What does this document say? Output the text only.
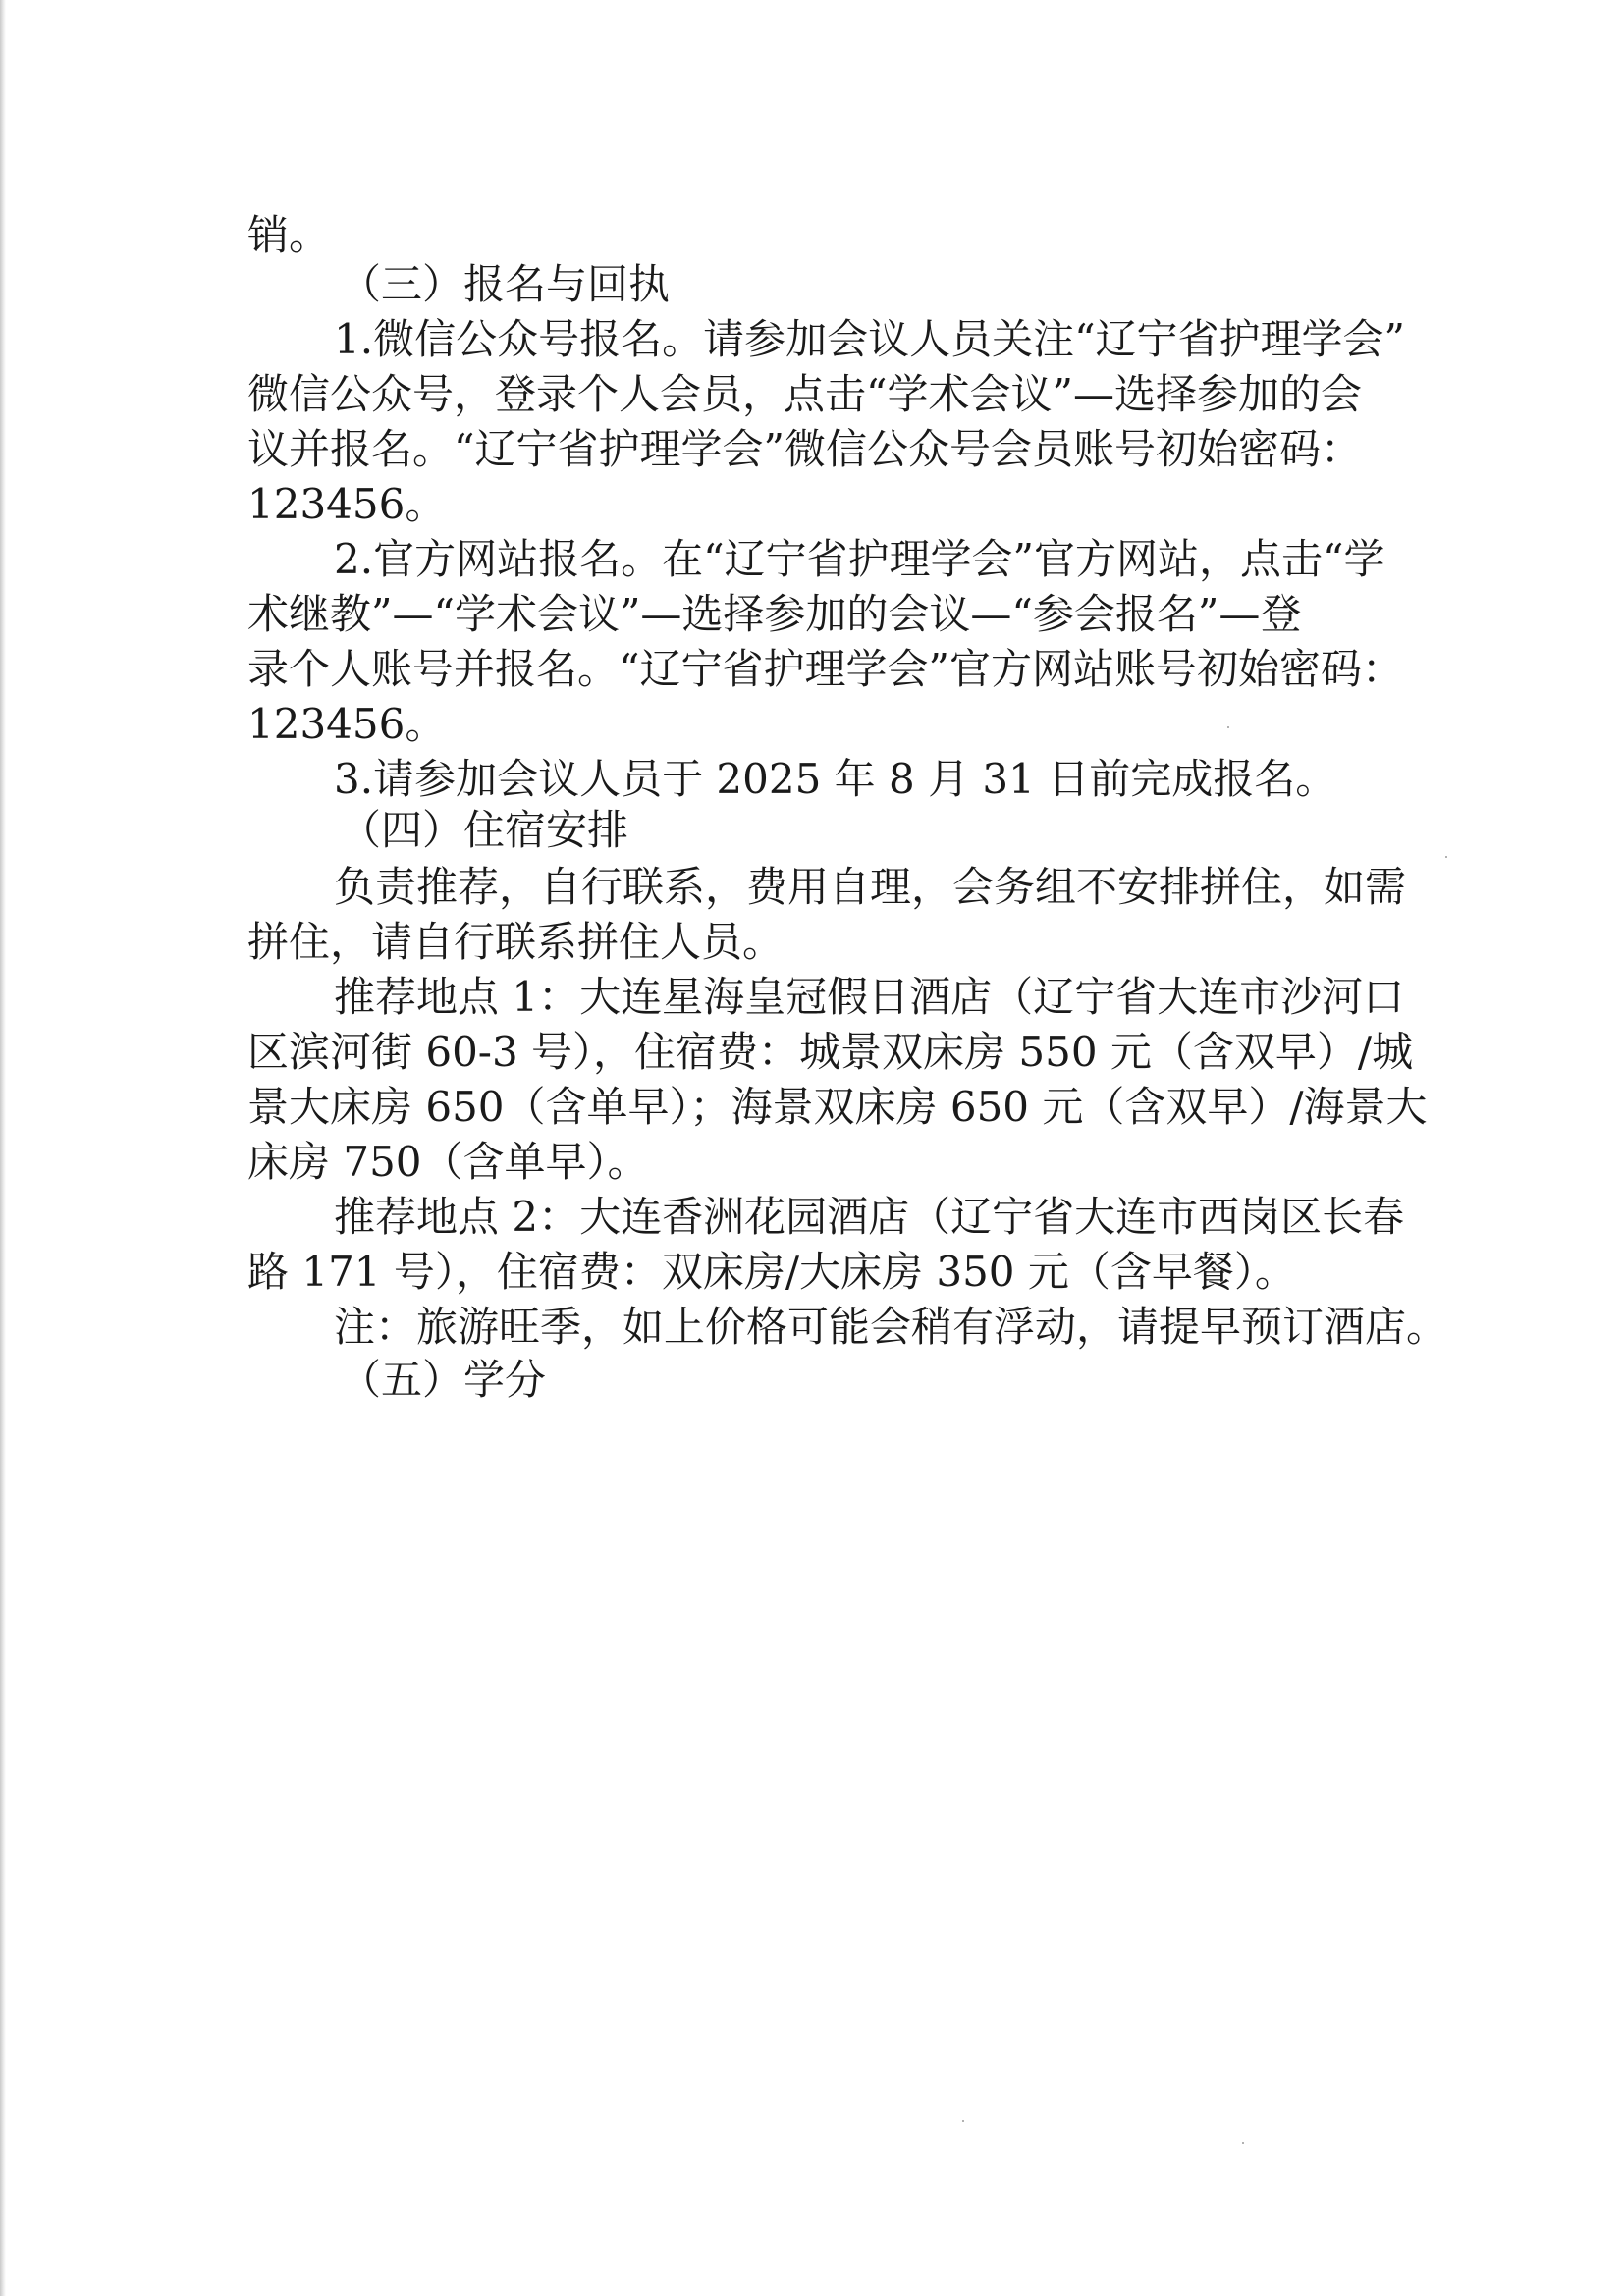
销。
（三）报名与回执
1.微信公众号报名。请参加会议人员关注“辽宁省护理学会”
微信公众号，登录个人会员，点击“学术会议”—选择参加的会
议并报名。“辽宁省护理学会”微信公众号会员账号初始密码：
123456。
2.官方网站报名。在“辽宁省护理学会”官方网站，点击“学
术继教”—“学术会议”—选择参加的会议—“参会报名”—登
录个人账号并报名。“辽宁省护理学会”官方网站账号初始密码：
123456。
3.请参加会议人员于 2025 年 8 月 31 日前完成报名。
（四）住宿安排
负责推荐，自行联系，费用自理，会务组不安排拼住，如需
拼住，请自行联系拼住人员。
推荐地点 1：大连星海皇冠假日酒店（辽宁省大连市沙河口
区滨河街 60-3 号），住宿费：城景双床房 550 元（含双早）/城
景大床房 650（含单早）；海景双床房 650 元（含双早）/海景大
床房 750（含单早）。
推荐地点 2：大连香洲花园酒店（辽宁省大连市西岗区长春
路 171 号），住宿费：双床房/大床房 350 元（含早餐）。
注：旅游旺季，如上价格可能会稍有浮动，请提早预订酒店。
（五）学分
